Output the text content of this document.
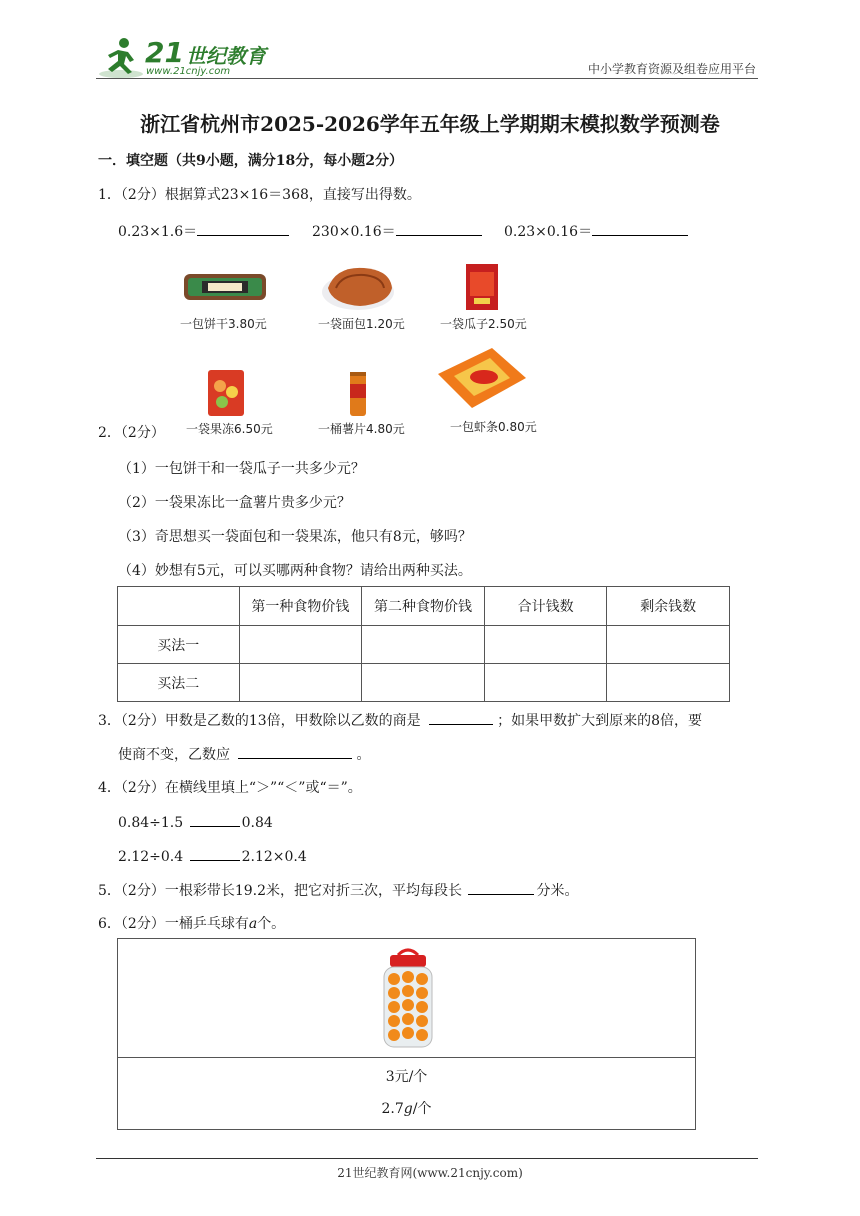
21 世纪教育
www.21cnjy.com	中小学教育资源及组卷应用平台
浙江省杭州市2025-2026学年五年级上学期期末模拟数学预测卷
一．填空题（共9小题，满分18分，每小题2分）
1．（2分）根据算式23×16＝368，直接写出得数。
0.23×1.6＝	230×0.16＝	0.23×0.16＝
一包饼干3.80元	一袋面包1.20元	一袋瓜子2.50元
一袋果冻6.50元	一桶薯片4.80元	一包虾条0.80元
2．（2分）
（1）一包饼干和一袋瓜子一共多少元？
（2）一袋果冻比一盒薯片贵多少元？
（3）奇思想买一袋面包和一袋果冻，他只有8元，够吗？
（4）妙想有5元，可以买哪两种食物？请给出两种买法。
	第一种食物价钱	第二种食物价钱	合计钱数	剩余钱数
买法一				
买法二				
3．（2分）甲数是乙数的13倍，甲数除以乙数的商是	；如果甲数扩大到原来的8倍，要
使商不变，乙数应	。
4．（2分）在横线里填上“＞”“＜”或“＝”。
0.84÷1.5	0.84
2.12÷0.4	2.12×0.4
5．（2分）一根彩带长19.2米，把它对折三次，平均每段长	分米。
6．（2分）一桶乒乓球有a个。
3元/个
2.7g/个
21世纪教育网(www.21cnjy.com)
